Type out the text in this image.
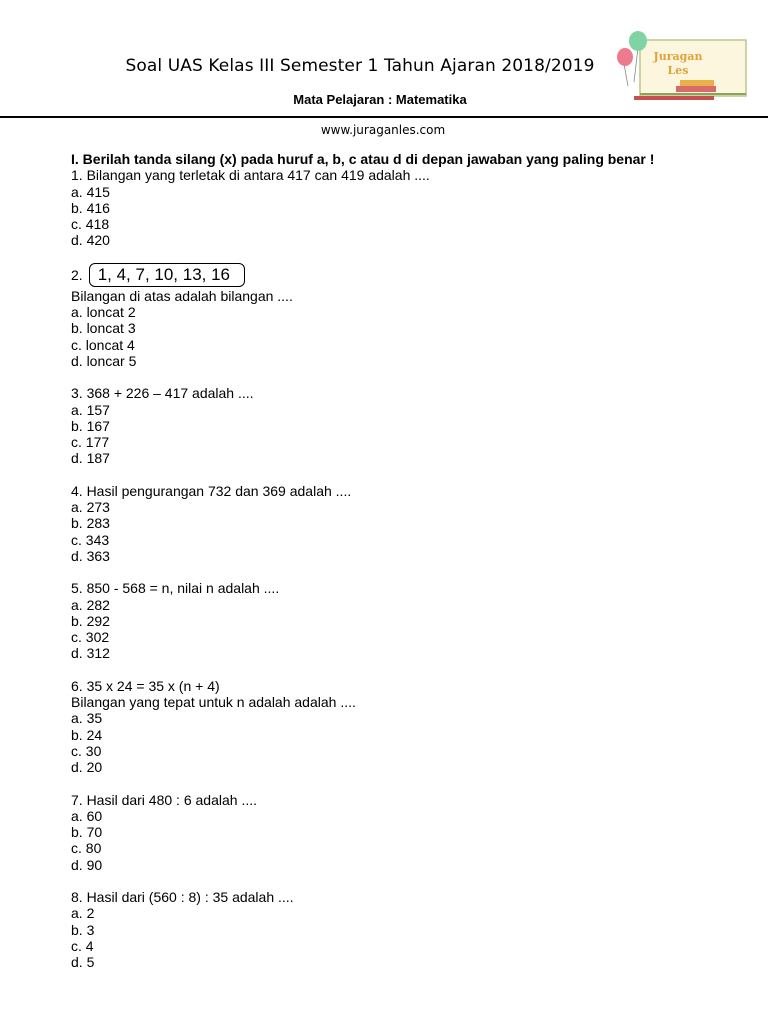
Soal UAS Kelas III Semester 1 Tahun Ajaran 2018/2019	Juragan
Les
Mata Pelajaran : Matematika
www.juraganles.com
I. Berilah tanda silang (x) pada huruf a, b, c atau d di depan jawaban yang paling benar !
1. Bilangan yang terletak di antara 417 can 419 adalah ....
a. 415
b. 416
c. 418
d. 420
2. 1, 4, 7, 10, 13, 16
Bilangan di atas adalah bilangan ....
a. loncat 2
b. loncat 3
c. loncat 4
d. loncar 5
3. 368 + 226 – 417 adalah ....
a. 157
b. 167
c. 177
d. 187
4. Hasil pengurangan 732 dan 369 adalah ....
a. 273
b. 283
c. 343
d. 363
5. 850 - 568 = n, nilai n adalah ....
a. 282
b. 292
c. 302
d. 312
6. 35 x 24 = 35 x (n + 4)
Bilangan yang tepat untuk n adalah adalah ....
a. 35
b. 24
c. 30
d. 20
7. Hasil dari 480 : 6 adalah ....
a. 60
b. 70
c. 80
d. 90
8. Hasil dari (560 : 8) : 35 adalah ....
a. 2
b. 3
c. 4
d. 5
